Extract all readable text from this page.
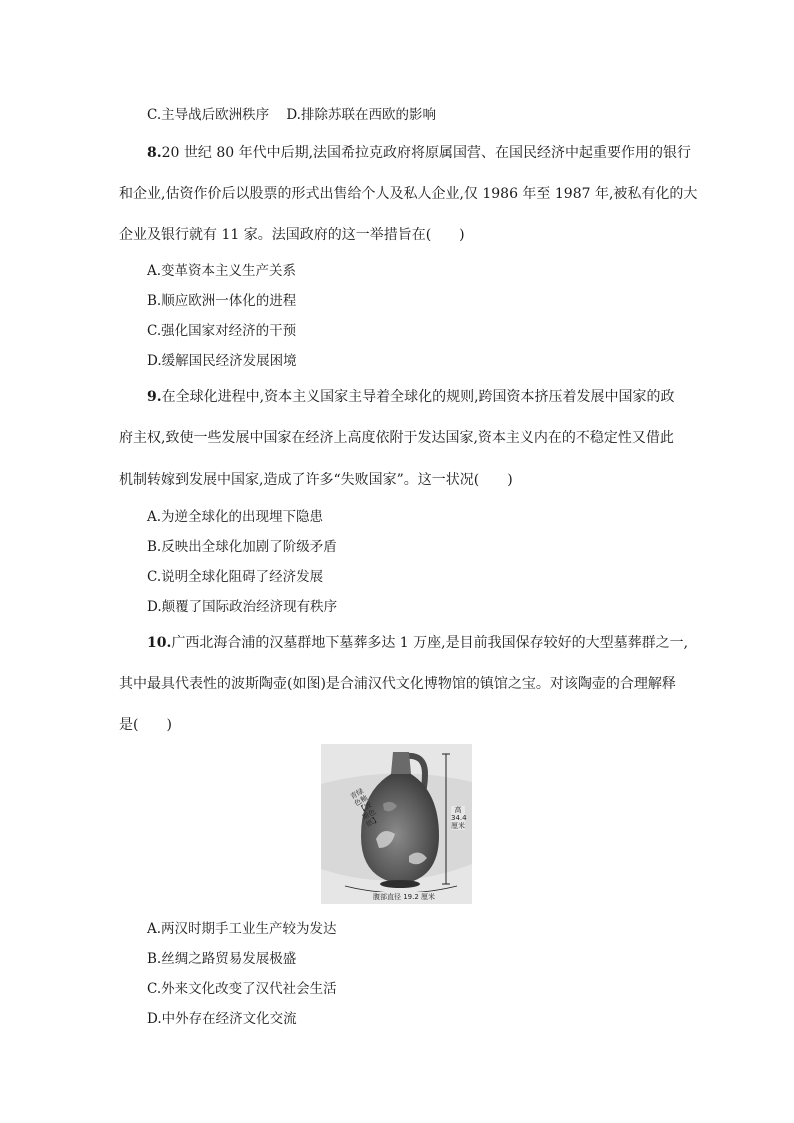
C.主导战后欧洲秩序 D.排除苏联在西欧的影响
8.20 世纪 80 年代中后期,法国希拉克政府将原属国营、在国民经济中起重要作用的银行
和企业,估资作价后以股票的形式出售给个人及私人企业,仅 1986 年至 1987 年,被私有化的大
企业及银行就有 11 家。法国政府的这一举措旨在(　　)
A.变革资本主义生产关系
B.顺应欧洲一体化的进程
C.强化国家对经济的干预
D.缓解国民经济发展困境
9.在全球化进程中,资本主义国家主导着全球化的规则,跨国资本挤压着发展中国家的政
府主权,致使一些发展中国家在经济上高度依附于发达国家,资本主义内在的不稳定性又借此
机制转嫁到发展中国家,造成了许多“失败国家”。这一状况(　　)
A.为逆全球化的出现埋下隐患
B.反映出全球化加剧了阶级矛盾
C.说明全球化阻碍了经济发展
D.颠覆了国际政治经济现有秩序
10.广西北海合浦的汉墓群地下墓葬多达 1 万座,是目前我国保存较好的大型墓葬群之一,
其中最具代表性的波斯陶壶(如图)是合浦汉代文化博物馆的镇馆之宝。对该陶壶的合理解释
是(　　)
青绿色釉【波斯色纸】
高34.4厘米
腹部直径 19.2 厘米
A.两汉时期手工业生产较为发达
B.丝绸之路贸易发展极盛
C.外来文化改变了汉代社会生活
D.中外存在经济文化交流
